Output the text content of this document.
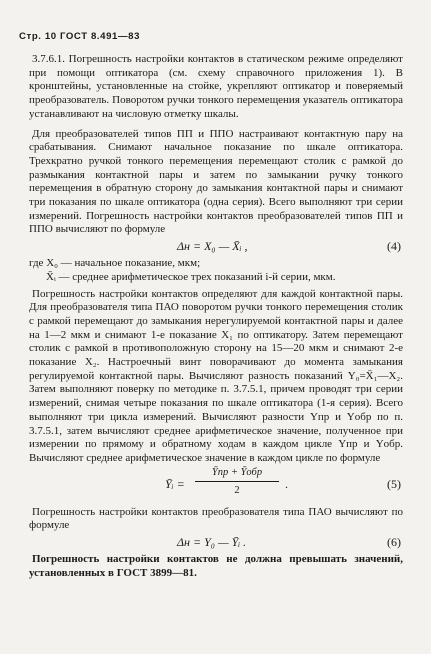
Стр. 10 ГОСТ 8.491—83

3.7.6.1. Погрешность настройки контактов в статическом режиме определяют при помощи оптикатора (см. схему справочного приложения 1). В кронштейны, установленные на стойке, укрепляют оптикатор и поверяемый преобразователь. Поворотом ручки тонкого перемещения указатель оптикатора устанавливают на числовую отметку шкалы.

Для преобразователей типов ПП и ППО настраивают контактную пару на срабатывания. Снимают начальное показание по шкале оптикатора. Трехкратно ручкой тонкого перемещения перемещают столик с рамкой до размыкания контактной пары и затем по замыкании ручку тонкого перемещения в обратную сторону до замыкания контактной пары и снимают три показания по шкале оптикатора (одна серия). Всего выполняют три серии измерений. Погрешность настройки контактов преобразователей типов ПП и ППО вычисляют по формуле

Δн = X₀ — X̄ᵢ ,	(4)

где X₀ — начальное показание, мкм;

X̄ᵢ — среднее арифметическое трех показаний i-й серии, мкм.

Погрешность настройки контактов определяют для каждой контактной пары. Для преобразователя типа ПАО поворотом ручки тонкого перемещения столик с рамкой перемещают до замыкания нерегулируемой контактной пары и далее на 1—2 мкм и снимают 1-е показание X₁ по оптикатору. Затем перемещают столик с рамкой в противоположную сторону на 15—20 мкм и снимают 2-е показание X₂. Настроечный винт поворачивают до момента замыкания регулируемой контактной пары. Вычисляют разность показаний Y₀=X̄₁—X₂. Затем выполняют поверку по методике п. 3.7.5.1, причем проводят три серии измерений, снимая четыре показания по шкале оптикатора (1-я серия). Всего выполняют три цикла измерений. Вычисляют разности Yпр и Yобр по п. 3.7.5.1, затем вычисляют среднее арифметическое значение, полученное при измерении по прямому и обратному ходам в каждом цикле Yпр и Yобр. Вычисляют среднее арифметическое значение в каждом цикле по формуле

Ȳᵢ =
Ȳпр + Ȳобр
2
.	(5)

Погрешность настройки контактов преобразователя типа ПАО вычисляют по формуле

Δн = Y₀ — Ȳᵢ .	(6)

Погрешность настройки контактов не должна превышать значений, установленных в ГОСТ 3899—81.
